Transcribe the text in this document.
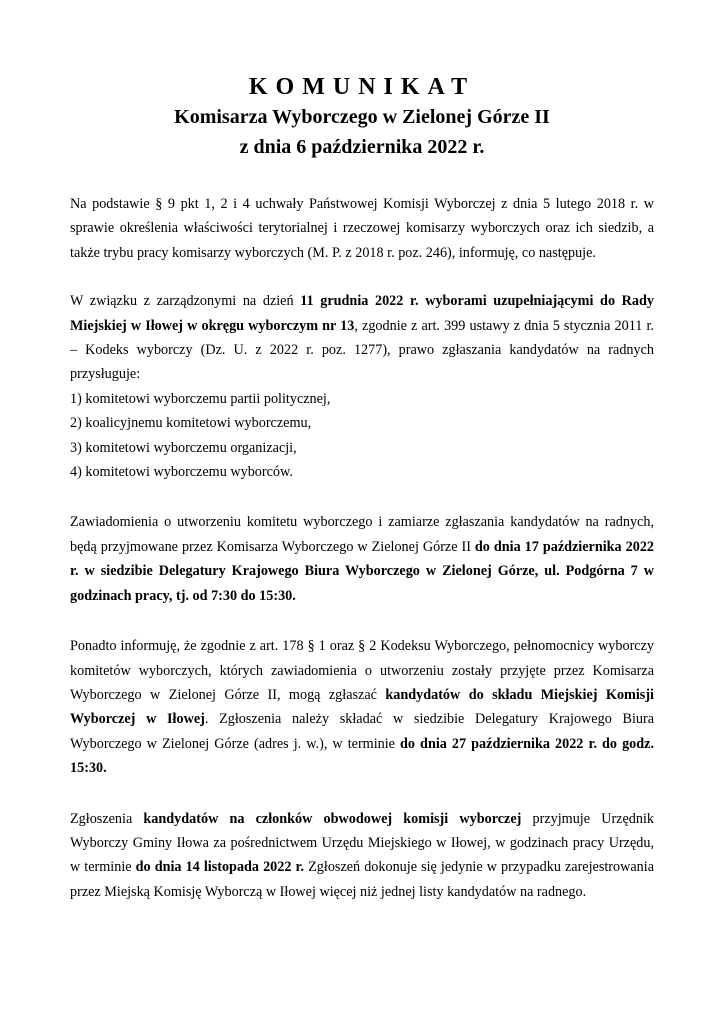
KOMUNIKAT

Komisarza Wyborczego w Zielonej Górze II

z dnia 6 października 2022 r.

Na podstawie § 9 pkt 1, 2 i 4 uchwały Państwowej Komisji Wyborczej z dnia 5 lutego 2018 r. w sprawie określenia właściwości terytorialnej i rzeczowej komisarzy wyborczych oraz ich siedzib, a także trybu pracy komisarzy wyborczych (M. P. z 2018 r. poz. 246), informuję, co następuje.

W związku z zarządzonymi na dzień 11 grudnia 2022 r. wyborami uzupełniającymi do Rady Miejskiej w Iłowej w okręgu wyborczym nr 13, zgodnie z art. 399 ustawy z dnia 5 stycznia 2011 r. – Kodeks wyborczy (Dz. U. z 2022 r. poz. 1277), prawo zgłaszania kandydatów na radnych przysługuje:

1) komitetowi wyborczemu partii politycznej,
2) koalicyjnemu komitetowi wyborczemu,
3) komitetowi wyborczemu organizacji,
4) komitetowi wyborczemu wyborców.

Zawiadomienia o utworzeniu komitetu wyborczego i zamiarze zgłaszania kandydatów na radnych, będą przyjmowane przez Komisarza Wyborczego w Zielonej Górze II do dnia 17 października 2022 r. w siedzibie Delegatury Krajowego Biura Wyborczego w Zielonej Górze, ul. Podgórna 7 w godzinach pracy, tj. od 7:30 do 15:30.

Ponadto informuję, że zgodnie z art. 178 § 1 oraz § 2 Kodeksu Wyborczego, pełnomocnicy wyborczy komitetów wyborczych, których zawiadomienia o utworzeniu zostały przyjęte przez Komisarza Wyborczego w Zielonej Górze II, mogą zgłaszać kandydatów do składu Miejskiej Komisji Wyborczej w Iłowej. Zgłoszenia należy składać w siedzibie Delegatury Krajowego Biura Wyborczego w Zielonej Górze (adres j. w.), w terminie do dnia 27 października 2022 r. do godz. 15:30.

Zgłoszenia kandydatów na członków obwodowej komisji wyborczej przyjmuje Urzędnik Wyborczy Gminy Iłowa za pośrednictwem Urzędu Miejskiego w Iłowej, w godzinach pracy Urzędu, w terminie do dnia 14 listopada 2022 r. Zgłoszeń dokonuje się jedynie w przypadku zarejestrowania przez Miejską Komisję Wyborczą w Iłowej więcej niż jednej listy kandydatów na radnego.
